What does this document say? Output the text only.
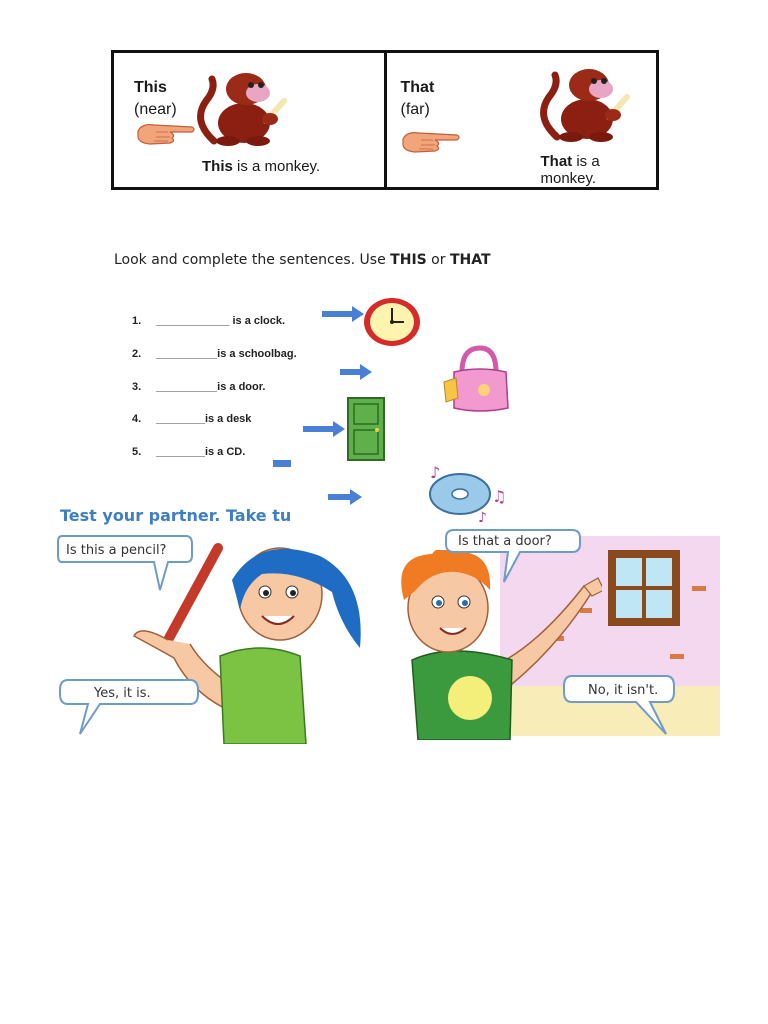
This
(near)
This is a monkey.
That
(far)
That is a monkey.
Look and complete the sentences. Use THIS or THAT
1. ____________ is a clock.
2. __________is a schoolbag.
3. __________is a door.
4. ________is a desk
5. ________is a CD.
♪
♫
♪
Test your partner. Take tu
Is this a pencil?
Yes, it is.
Is that a door?
No, it isn't.
